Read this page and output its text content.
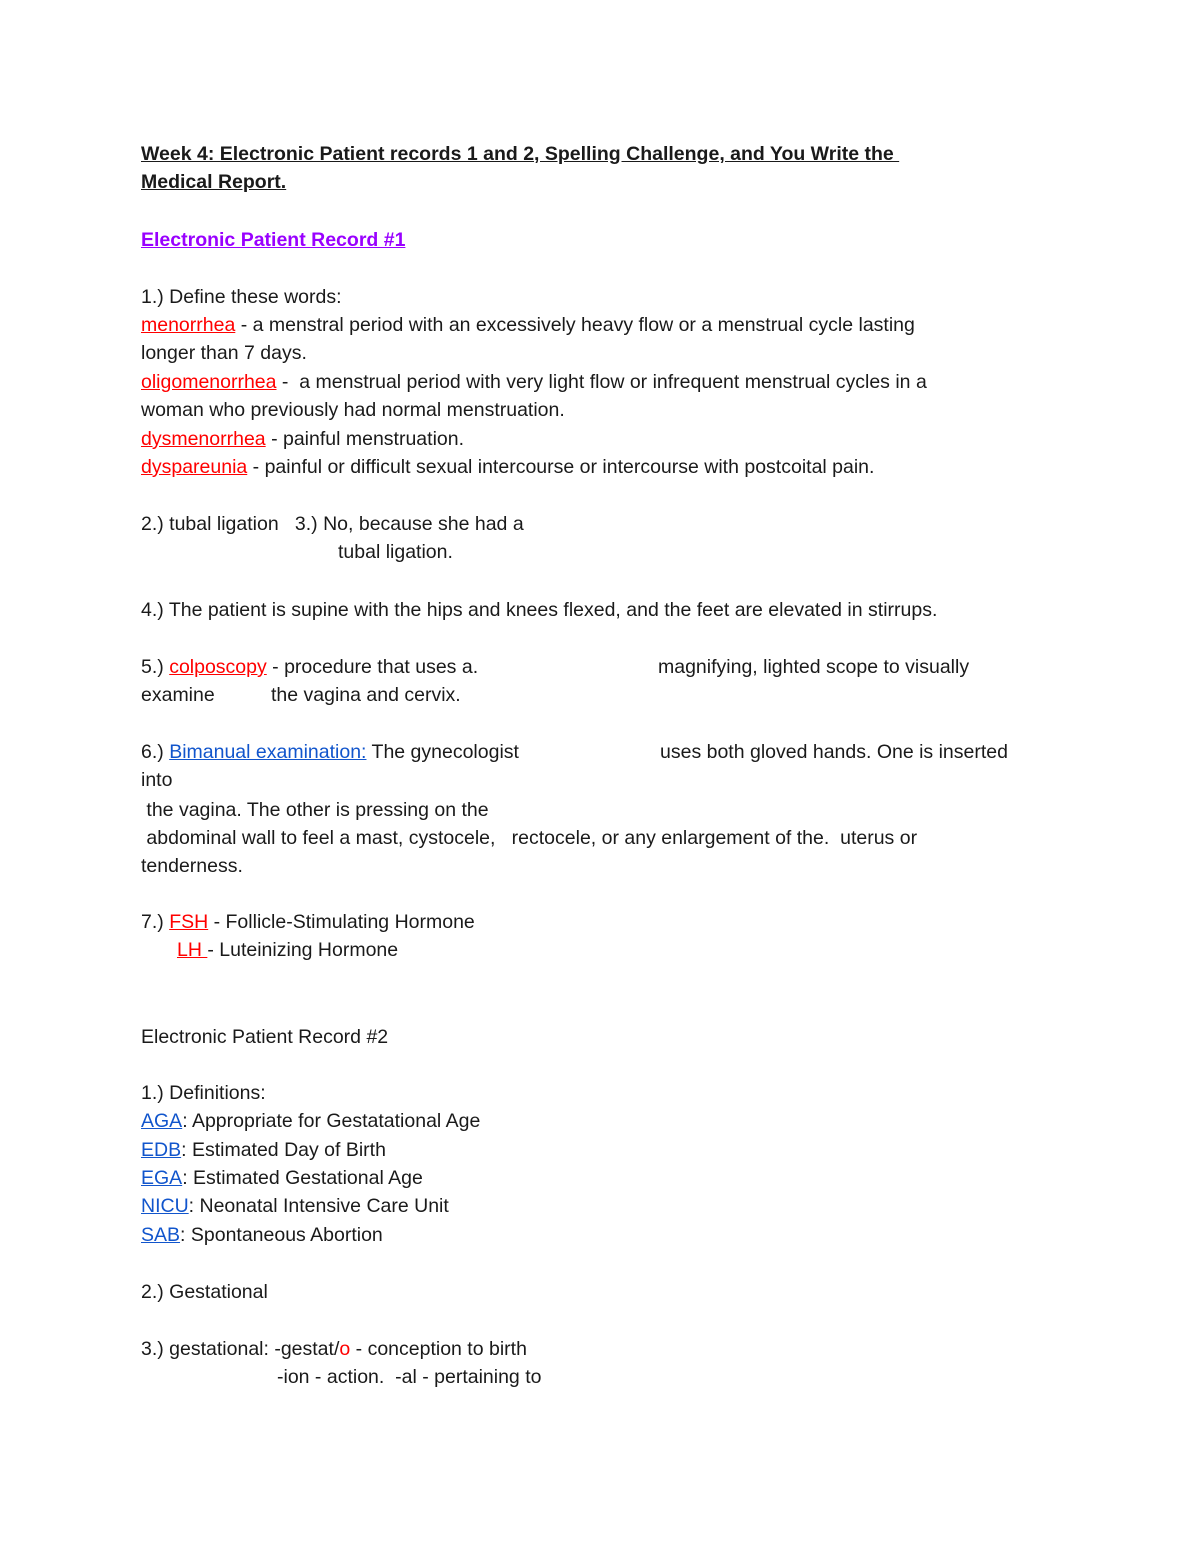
Week 4: Electronic Patient records 1 and 2, Spelling Challenge, and You Write the
Medical Report.
Electronic Patient Record #1
1.) Define these words:
menorrhea - a menstral period with an excessively heavy flow or a menstrual cycle lasting
longer than 7 days.
oligomenorrhea -  a menstrual period with very light flow or infrequent menstrual cycles in a
woman who previously had normal menstruation.
dysmenorrhea - painful menstruation.
dyspareunia - painful or difficult sexual intercourse or intercourse with postcoital pain.
2.) tubal ligation   3.) No, because she had a
tubal ligation.
4.) The patient is supine with the hips and knees flexed, and the feet are elevated in stirrups.
5.) colposcopy - procedure that uses a.	magnifying, lighted scope to visually
examine	the vagina and cervix.
6.) Bimanual examination: The gynecologist	uses both gloved hands. One is inserted
into
the vagina. The other is pressing on the
abdominal wall to feel a mast, cystocele,   rectocele, or any enlargement of the.  uterus or
tenderness.
7.) FSH - Follicle-Stimulating Hormone
LH - Luteinizing Hormone
Electronic Patient Record #2
1.) Definitions:
AGA: Appropriate for Gestatational Age
EDB: Estimated Day of Birth
EGA: Estimated Gestational Age
NICU: Neonatal Intensive Care Unit
SAB: Spontaneous Abortion
2.) Gestational
3.) gestational: -gestat/o - conception to birth
-ion - action.  -al - pertaining to
